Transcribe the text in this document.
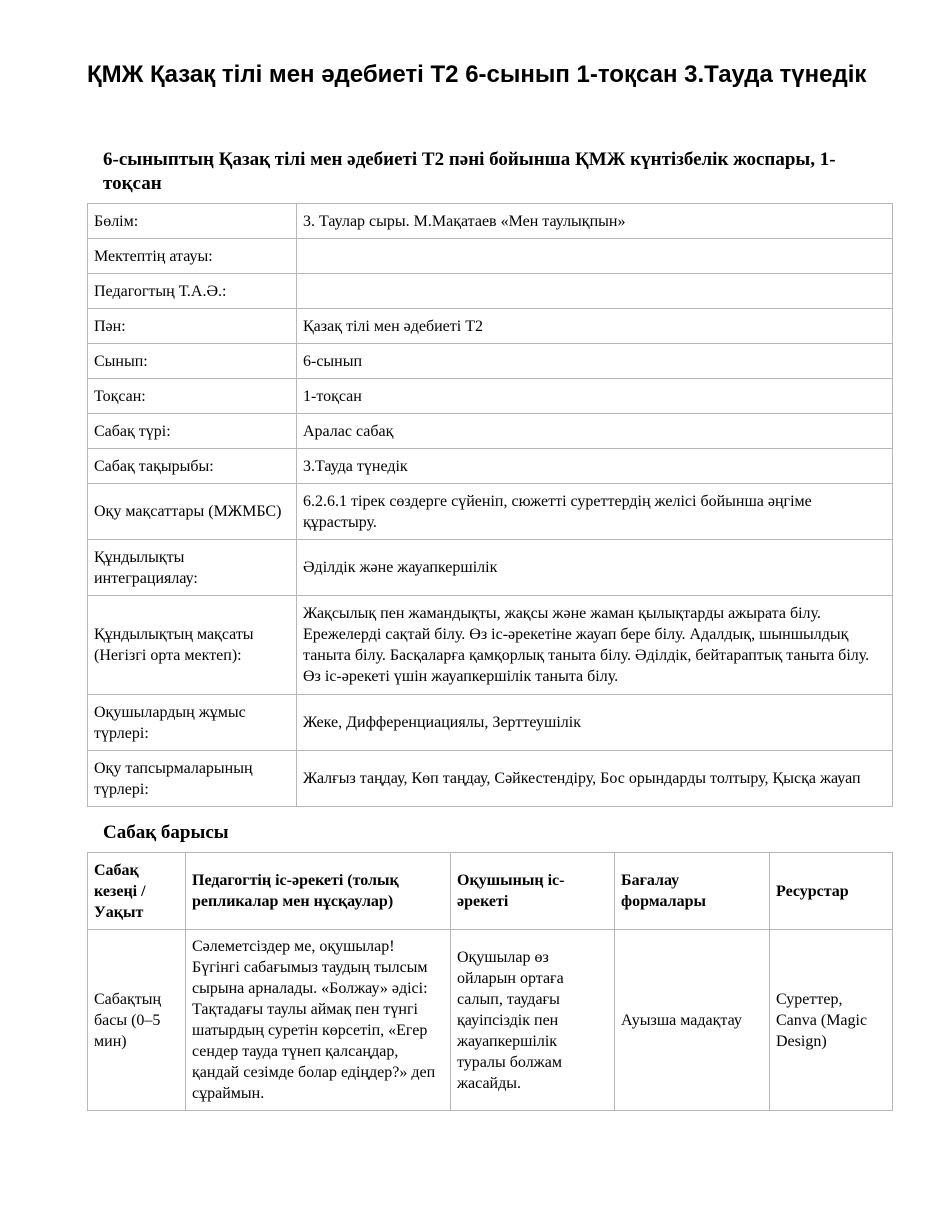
ҚМЖ Қазақ тілі мен әдебиеті Т2 6-сынып 1-тоқсан 3.Тауда түнедік

6-сыныптың Қазақ тілі мен әдебиеті Т2 пәні бойынша ҚМЖ күнтізбелік жоспары, 1-тоқсан

Бөлім:	3. Таулар сыры. М.Мақатаев «Мен таулықпын»
Мектептің атауы:	
Педагогтың Т.А.Ә.:	
Пән:	Қазақ тілі мен әдебиеті Т2
Сынып:	6-сынып
Тоқсан:	1-тоқсан
Сабақ түрі:	Аралас сабақ
Сабақ тақырыбы:	3.Тауда түнедік
Оқу мақсаттары (МЖМБС)	6.2.6.1 тірек сөздерге сүйеніп, сюжетті суреттердің желісі бойынша әңгіме құрастыру.
Құндылықты интеграциялау:	Әділдік және жауапкершілік
Құндылықтың мақсаты (Негізгі орта мектеп):	Жақсылық пен жамандықты, жақсы және жаман қылықтарды ажырата білу. Ережелерді сақтай білу. Өз іс-әрекетіне жауап бере білу. Адалдық, шыншылдық таныта білу. Басқаларға қамқорлық таныта білу. Әділдік, бейтараптық таныта білу. Өз іс-әрекеті үшін жауапкершілік таныта білу.
Оқушылардың жұмыс түрлері:	Жеке, Дифференциациялы, Зерттеушілік
Оқу тапсырмаларының түрлері:	Жалғыз таңдау, Көп таңдау, Сәйкестендіру, Бос орындарды толтыру, Қысқа жауап

Сабақ барысы

Сабақ кезеңі / Уақыт	Педагогтің іс-әрекеті (толық репликалар мен нұсқаулар)	Оқушының іс-әрекеті	Бағалау формалары	Ресурстар
Сабақтың басы (0–5 мин)	Сәлеметсіздер ме, оқушылар! Бүгінгі сабағымыз таудың тылсым сырына арналады. «Болжау» әдісі: Тақтадағы таулы аймақ пен түнгі шатырдың суретін көрсетіп, «Егер сендер тауда түнеп қалсаңдар, қандай сезімде болар едіңдер?» деп сұраймын.	Оқушылар өз ойларын ортаға салып, таудағы қауіпсіздік пен жауапкершілік туралы болжам жасайды.	Ауызша мадақтау	Суреттер, Canva (Magic Design)
